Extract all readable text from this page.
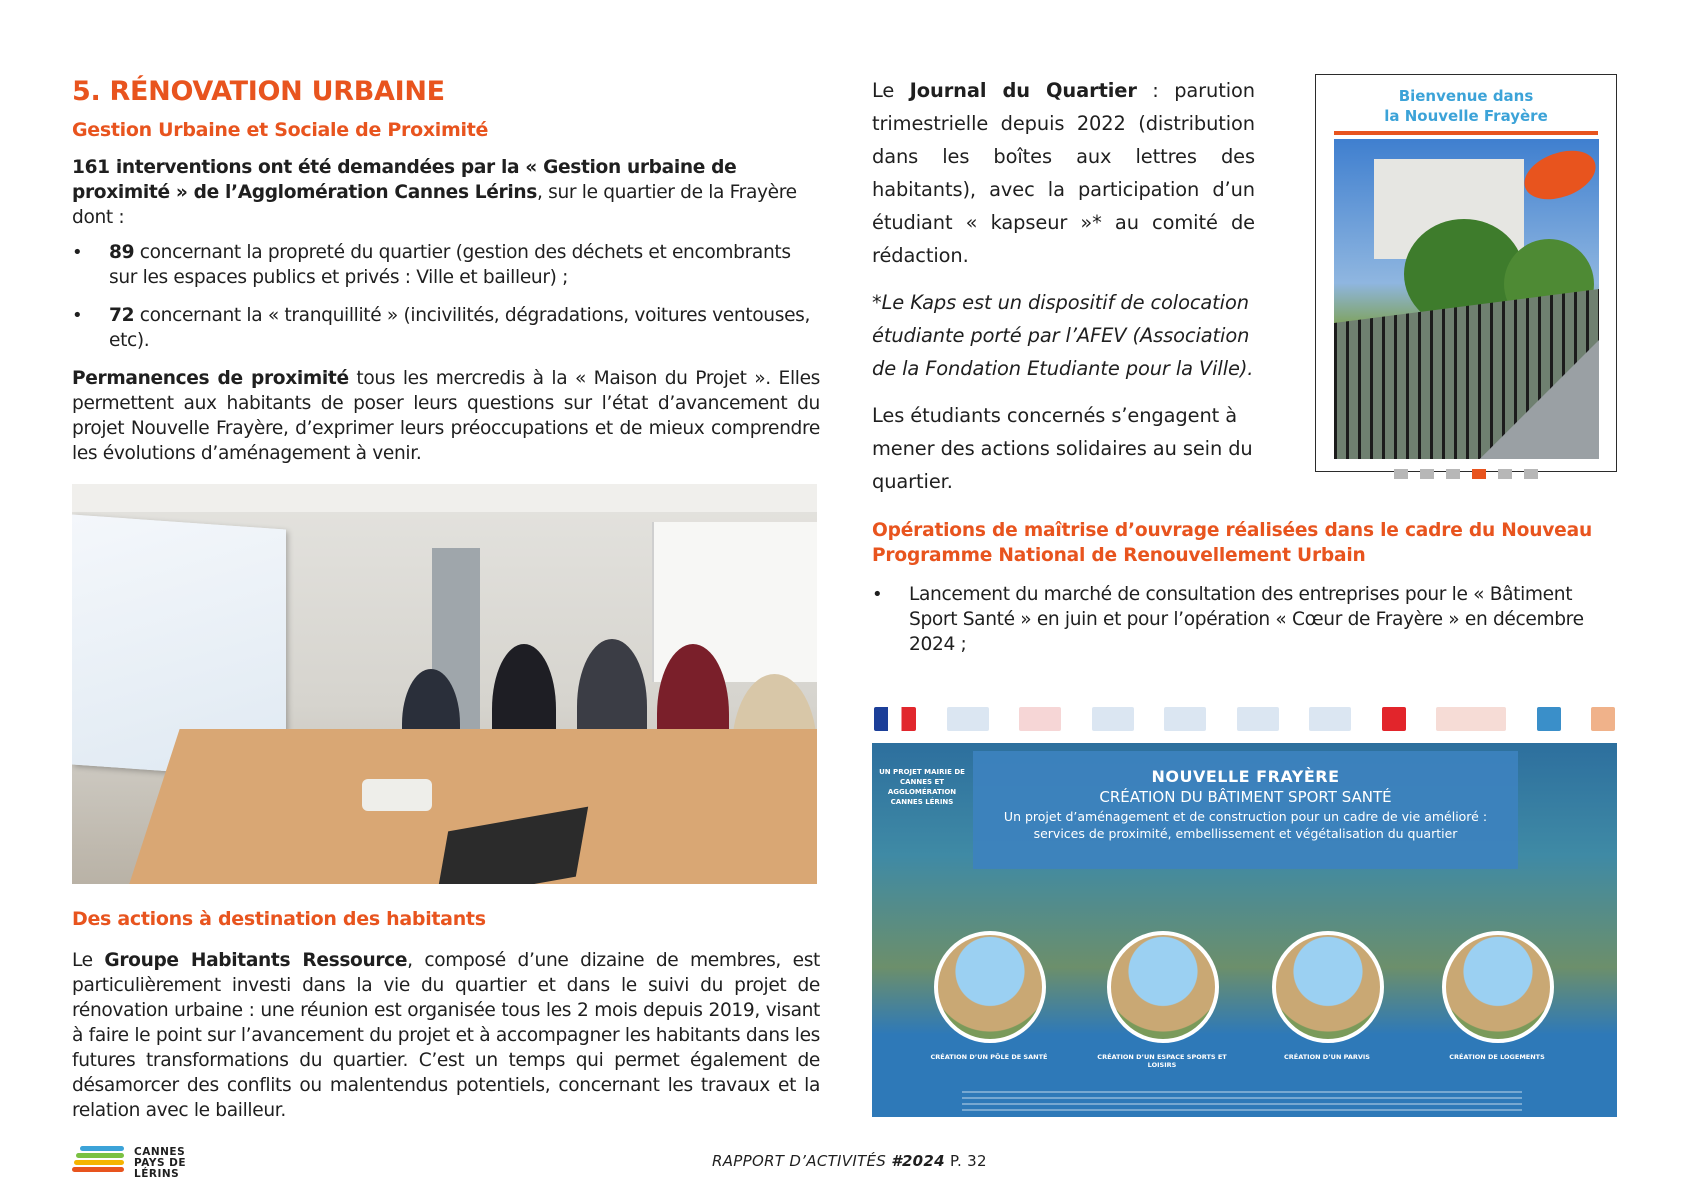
5. RÉNOVATION URBAINE
Gestion Urbaine et Sociale de Proximité

161 interventions ont été demandées par la « Gestion urbaine de proximité » de l’Agglomération Cannes Lérins, sur le quartier de la Frayère dont :

• 89 concernant la propreté du quartier (gestion des déchets et encombrants sur les espaces publics et privés : Ville et bailleur) ;
• 72 concernant la « tranquillité » (incivilités, dégradations, voitures ventouses, etc).

Permanences de proximité tous les mercredis à la « Maison du Projet ». Elles permettent aux habitants de poser leurs questions sur l’état d’avancement du projet Nouvelle Frayère, d’exprimer leurs préoccupations et de mieux comprendre les évolutions d’aménagement à venir.

Des actions à destination des habitants

Le Groupe Habitants Ressource, composé d’une dizaine de membres, est particulièrement investi dans la vie du quartier et dans le suivi du projet de rénovation urbaine : une réunion est organisée tous les 2 mois depuis 2019, visant à faire le point sur l’avancement du projet et à accompagner les habitants dans les futures transformations du quartier. C’est un temps qui permet également de désamorcer des conflits ou malentendus potentiels, concernant les travaux et la relation avec le bailleur.

Le Journal du Quartier : parution trimestrielle depuis 2022 (distribution dans les boîtes aux lettres des habitants), avec la participation d’un étudiant « kapseur »* au comité de rédaction.

*Le Kaps est un dispositif de colocation étudiante porté par l’AFEV (Association de la Fondation Etudiante pour la Ville).

Les étudiants concernés s’engagent à mener des actions solidaires au sein du quartier.

Bienvenue dans
la Nouvelle Frayère
Opérations de maîtrise d’ouvrage réalisées dans le cadre du Nouveau Programme National de Renouvellement Urbain
• Lancement du marché de consultation des entreprises pour le « Bâtiment Sport Santé » en juin et pour l’opération « Cœur de Frayère » en décembre 2024 ;
UN PROJET MAIRIE DE CANNES ET AGGLOMÉRATION CANNES LÉRINS
NOUVELLE FRAYÈRE
CRÉATION DU BÂTIMENT SPORT SANTÉ
Un projet d’aménagement et de construction pour un cadre de vie amélioré : services de proximité, embellissement et végétalisation du quartier
CRÉATION D’UN PÔLE DE SANTÉ	CRÉATION D’UN ESPACE SPORTS ET LOISIRS
CRÉATION D’UN PARVIS	CRÉATION DE LOGEMENTS
CANNES
PAYS DE
LÉRINS
RAPPORT D’ACTIVITÉS #2024 P. 32
